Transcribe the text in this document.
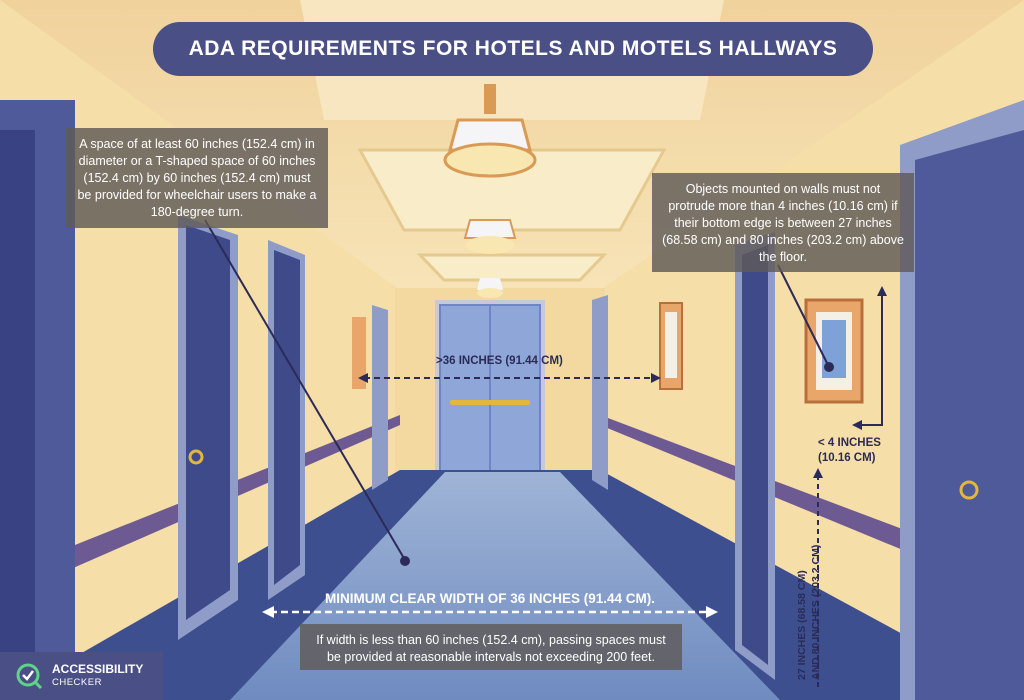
ADA REQUIREMENTS FOR HOTELS AND MOTELS HALLWAYS
A space of at least 60 inches (152.4 cm) in diameter or a T-shaped space of 60 inches (152.4 cm) by 60 inches (152.4 cm) must be provided for wheelchair users to make a 180-degree turn.
Objects mounted on walls must not protrude more than 4 inches (10.16 cm) if their bottom edge is between 27 inches (68.58 cm) and 80 inches (203.2 cm) above the floor.
If width is less than 60 inches (152.4 cm), passing spaces must be provided at reasonable intervals not exceeding 200 feet.
>36 INCHES (91.44 CM)
MINIMUM CLEAR WIDTH OF 36 INCHES (91.44 CM).
< 4 INCHES
(10.16 CM)
27 INCHES (68.58 CM) AND 80 INCHES (203.2 CM)
ACCESSIBILITY
CHECKER
